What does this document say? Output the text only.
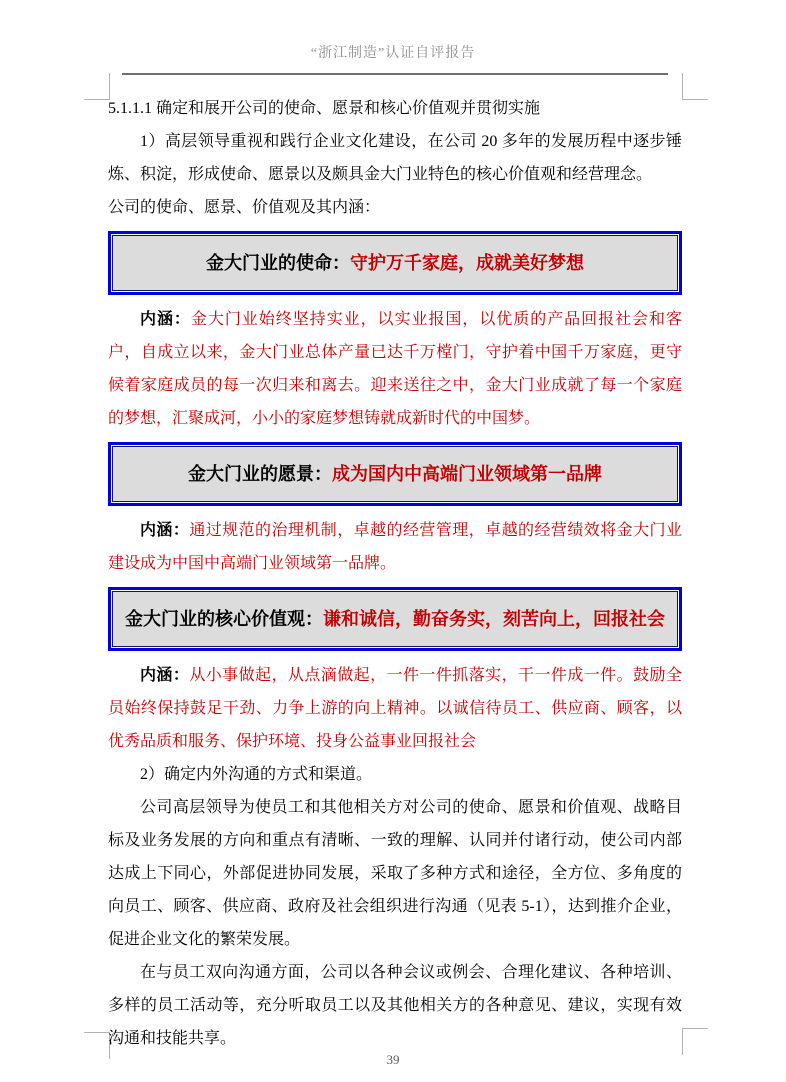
“浙江制造”认证自评报告

5.1.1.1 确定和展开公司的使命、愿景和核心价值观并贯彻实施

1）高层领导重视和践行企业文化建设，在公司 20 多年的发展历程中逐步锤炼、积淀，形成使命、愿景以及颇具金大门业特色的核心价值观和经营理念。

公司的使命、愿景、价值观及其内涵：

金大门业的使命： 守护万千家庭，成就美好梦想

内涵：金大门业始终坚持实业，以实业报国，以优质的产品回报社会和客户，自成立以来，金大门业总体产量已达千万樘门，守护着中国千万家庭，更守候着家庭成员的每一次归来和离去。迎来送往之中，金大门业成就了每一个家庭的梦想，汇聚成河，小小的家庭梦想铸就成新时代的中国梦。

金大门业的愿景： 成为国内中高端门业领域第一品牌

内涵：通过规范的治理机制，卓越的经营管理，卓越的经营绩效将金大门业建设成为中国中高端门业领域第一品牌。

金大门业的核心价值观： 谦和诚信，勤奋务实，刻苦向上，回报社会

内涵：从小事做起，从点滴做起，一件一件抓落实，干一件成一件。鼓励全员始终保持鼓足干劲、力争上游的向上精神。以诚信待员工、供应商、顾客，以优秀品质和服务、保护环境、投身公益事业回报社会

2）确定内外沟通的方式和渠道。

公司高层领导为使员工和其他相关方对公司的使命、愿景和价值观、战略目标及业务发展的方向和重点有清晰、一致的理解、认同并付诸行动，使公司内部达成上下同心，外部促进协同发展，采取了多种方式和途径，全方位、多角度的向员工、顾客、供应商、政府及社会组织进行沟通（见表 5-1），达到推介企业，促进企业文化的繁荣发展。

在与员工双向沟通方面，公司以各种会议或例会、合理化建议、各种培训、多样的员工活动等，充分听取员工以及其他相关方的各种意见、建议，实现有效沟通和技能共享。

39
